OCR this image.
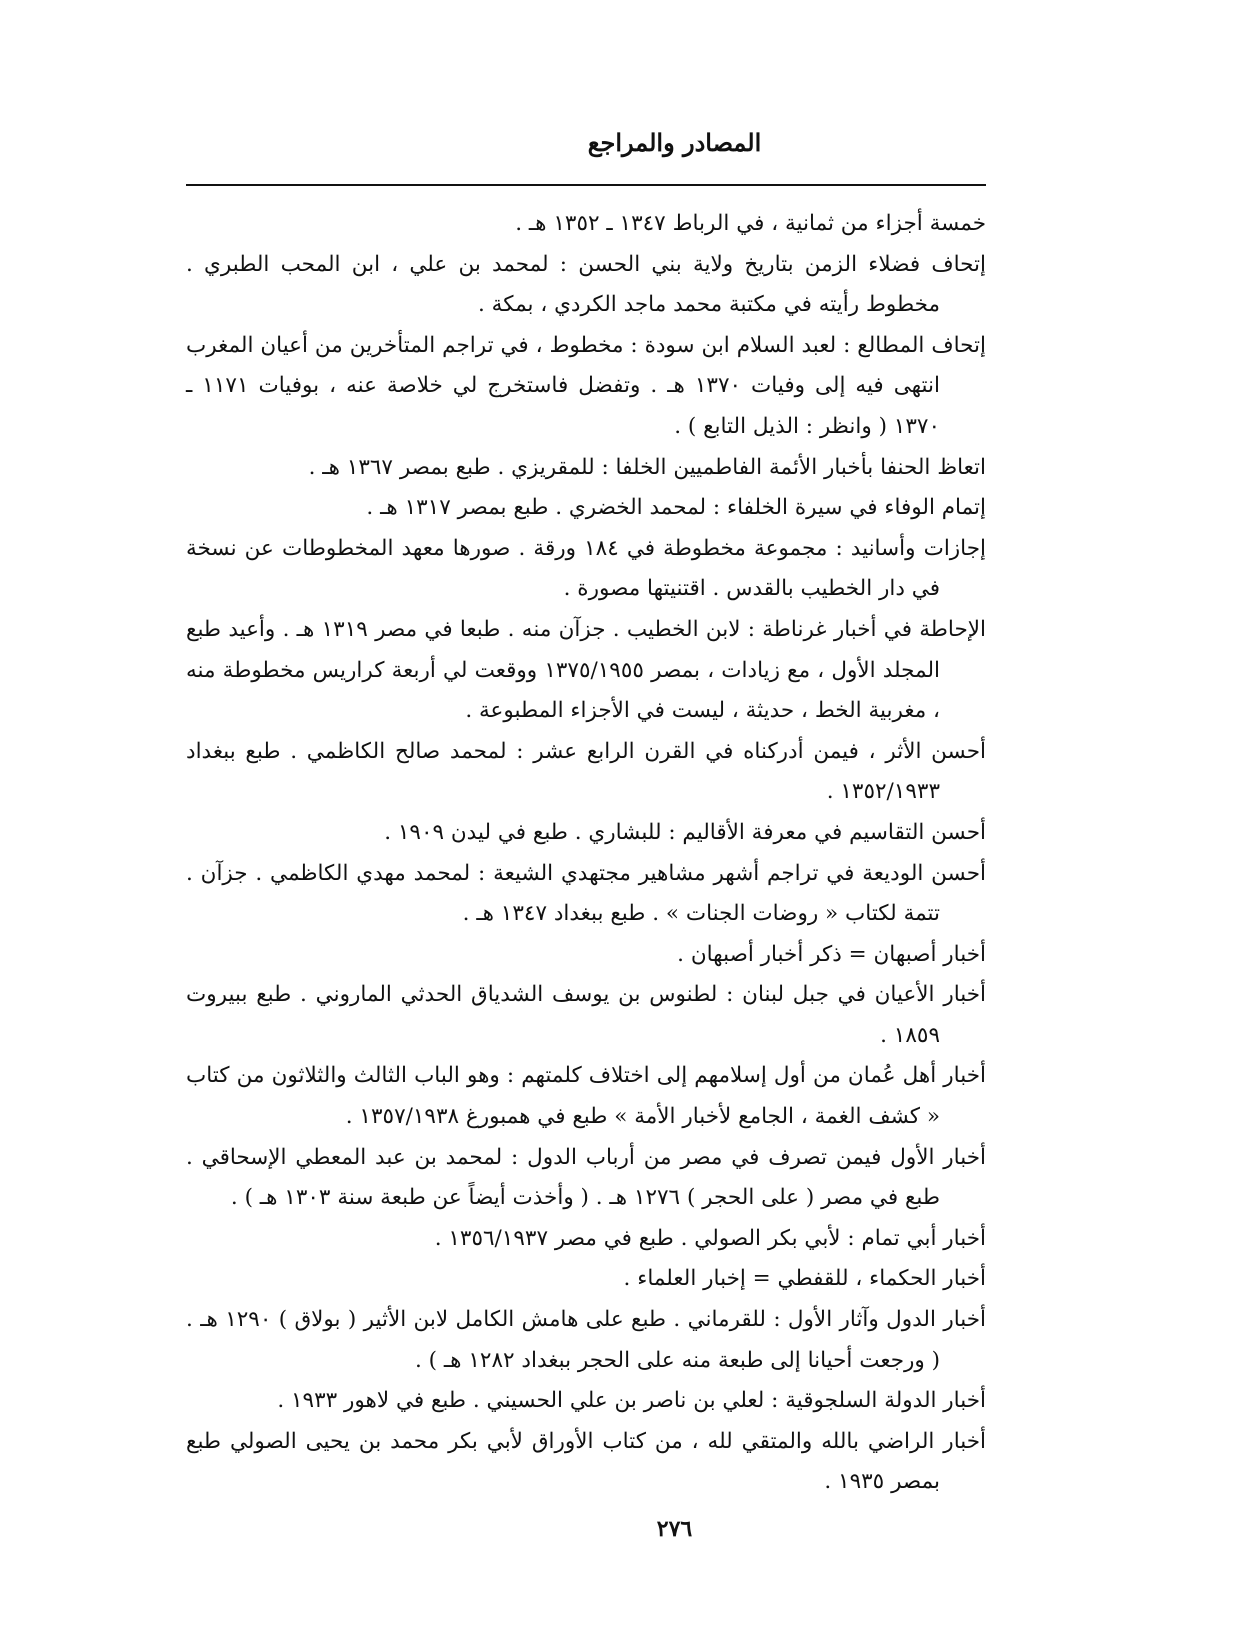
المصادر والمراجع

خمسة أجزاء من ثمانية ، في الرباط ١٣٤٧ ـ ١٣٥٢ هـ .

إتحاف فضلاء الزمن بتاريخ ولاية بني الحسن : لمحمد بن علي ، ابن المحب الطبري . مخطوط رأيته في مكتبة محمد ماجد الكردي ، بمكة .

إتحاف المطالع : لعبد السلام ابن سودة : مخطوط ، في تراجم المتأخرين من أعيان المغرب انتهى فيه إلى وفيات ١٣٧٠ هـ . وتفضل فاستخرج لي خلاصة عنه ، بوفيات ١١٧١ ـ ١٣٧٠ ( وانظر : الذيل التابع ) .

اتعاظ الحنفا بأخبار الأئمة الفاطميين الخلفا : للمقريزي . طبع بمصر ١٣٦٧ هـ .

إتمام الوفاء في سيرة الخلفاء : لمحمد الخضري . طبع بمصر ١٣١٧ هـ .

إجازات وأسانيد : مجموعة مخطوطة في ١٨٤ ورقة . صورها معهد المخطوطات عن نسخة في دار الخطيب بالقدس . اقتنيتها مصورة .

الإحاطة في أخبار غرناطة : لابن الخطيب . جزآن منه . طبعا في مصر ١٣١٩ هـ . وأعيد طبع المجلد الأول ، مع زيادات ، بمصر ١٣٧٥/١٩٥٥ ووقعت لي أربعة كراريس مخطوطة منه ، مغربية الخط ، حديثة ، ليست في الأجزاء المطبوعة .

أحسن الأثر ، فيمن أدركناه في القرن الرابع عشر : لمحمد صالح الكاظمي . طبع ببغداد ١٣٥٢/١٩٣٣ .

أحسن التقاسيم في معرفة الأقاليم : للبشاري . طبع في ليدن ١٩٠٩ .

أحسن الوديعة في تراجم أشهر مشاهير مجتهدي الشيعة : لمحمد مهدي الكاظمي . جزآن . تتمة لكتاب « روضات الجنات » . طبع ببغداد ١٣٤٧ هـ .

أخبار أصبهان = ذكر أخبار أصبهان .

أخبار الأعيان في جبل لبنان : لطنوس بن يوسف الشدياق الحدثي الماروني . طبع ببيروت ١٨٥٩ .

أخبار أهل عُمان من أول إسلامهم إلى اختلاف كلمتهم : وهو الباب الثالث والثلاثون من كتاب « كشف الغمة ، الجامع لأخبار الأمة » طبع في همبورغ ١٣٥٧/١٩٣٨ .

أخبار الأول فيمن تصرف في مصر من أرباب الدول : لمحمد بن عبد المعطي الإسحاقي . طبع في مصر ( على الحجر ) ١٢٧٦ هـ . ( وأخذت أيضاً عن طبعة سنة ١٣٠٣ هـ ) .

أخبار أبي تمام : لأبي بكر الصولي . طبع في مصر ١٣٥٦/١٩٣٧ .

أخبار الحكماء ، للقفطي = إخبار العلماء .

أخبار الدول وآثار الأول : للقرماني . طبع على هامش الكامل لابن الأثير ( بولاق ) ١٢٩٠ هـ . ( ورجعت أحيانا إلى طبعة منه على الحجر ببغداد ١٢٨٢ هـ ) .

أخبار الدولة السلجوقية : لعلي بن ناصر بن علي الحسيني . طبع في لاهور ١٩٣٣ .

أخبار الراضي بالله والمتقي لله ، من كتاب الأوراق لأبي بكر محمد بن يحيى الصولي طبع بمصر ١٩٣٥ .

٢٧٦
